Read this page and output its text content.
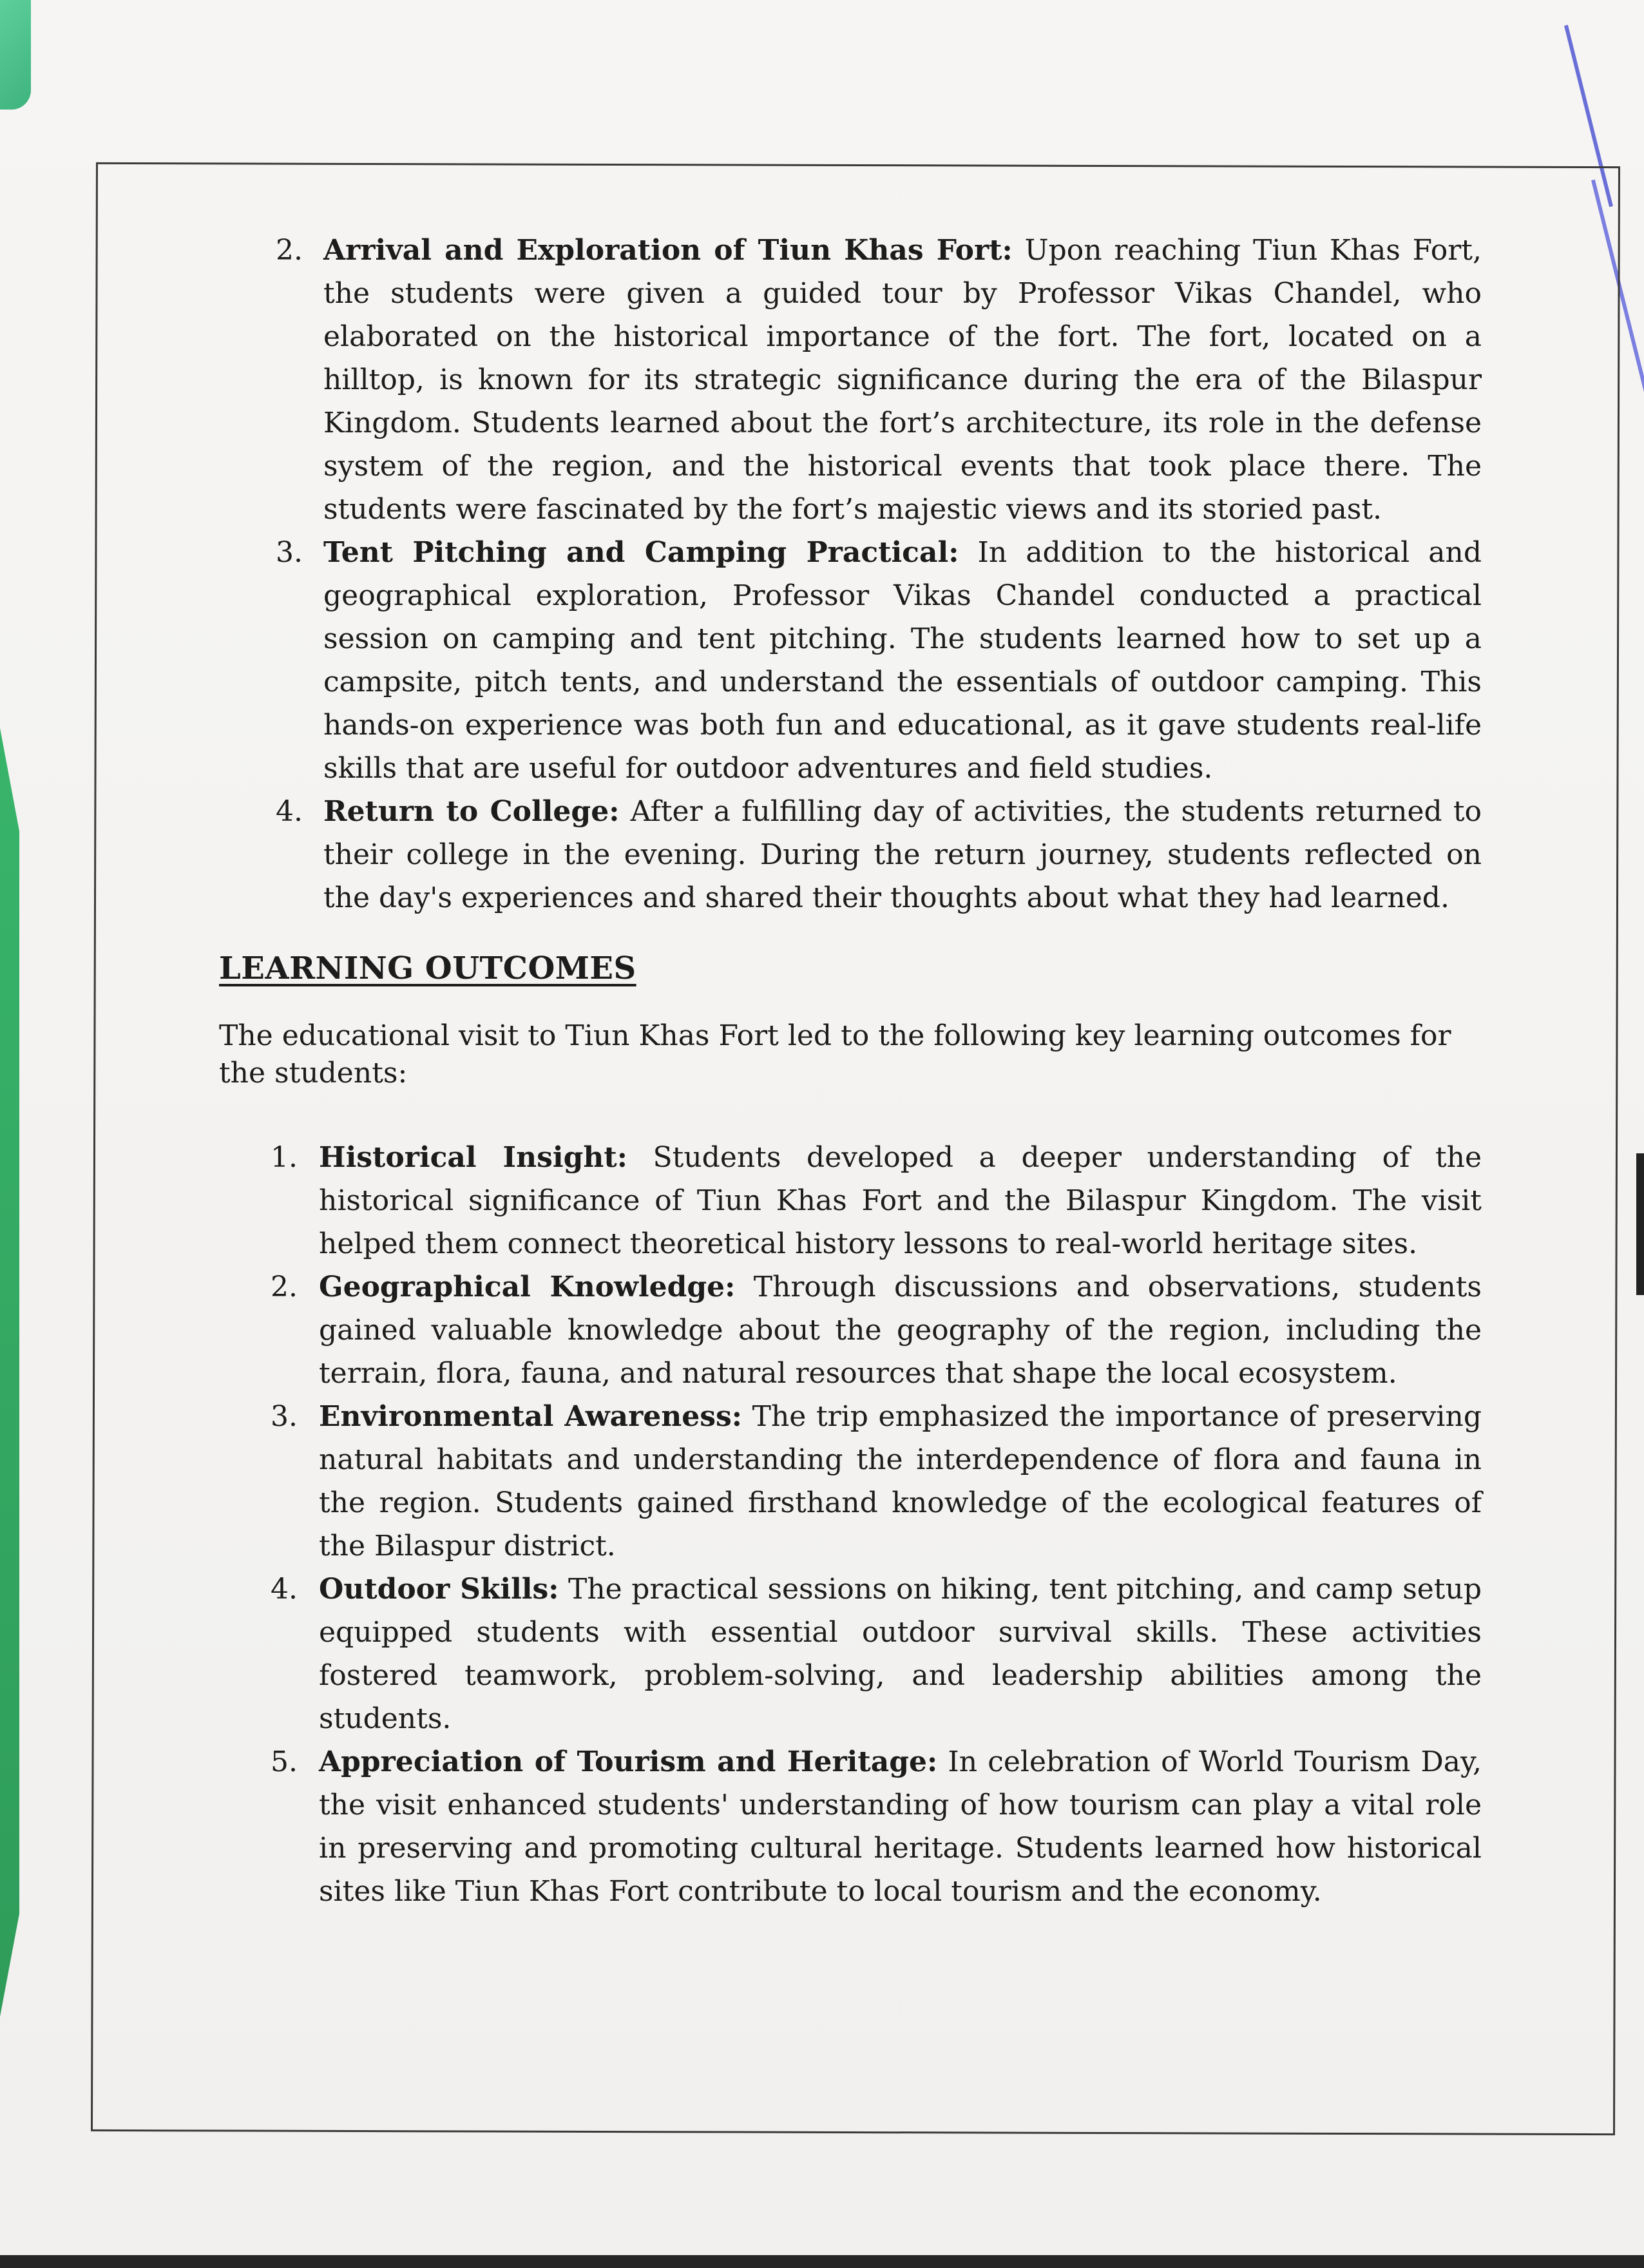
2. Arrival and Exploration of Tiun Khas Fort: Upon reaching Tiun Khas Fort, the students were given a guided tour by Professor Vikas Chandel, who elaborated on the historical importance of the fort. The fort, located on a hilltop, is known for its strategic significance during the era of the Bilaspur Kingdom. Students learned about the fort’s architecture, its role in the defense system of the region, and the historical events that took place there. The students were fascinated by the fort’s majestic views and its storied past.
3. Tent Pitching and Camping Practical: In addition to the historical and geographical exploration, Professor Vikas Chandel conducted a practical session on camping and tent pitching. The students learned how to set up a campsite, pitch tents, and understand the essentials of outdoor camping. This hands-on experience was both fun and educational, as it gave students real-life skills that are useful for outdoor adventures and field studies.
4. Return to College: After a fulfilling day of activities, the students returned to their college in the evening. During the return journey, students reflected on the day's experiences and shared their thoughts about what they had learned.
LEARNING OUTCOMES
The educational visit to Tiun Khas Fort led to the following key learning outcomes for the students:
1. Historical Insight: Students developed a deeper understanding of the historical significance of Tiun Khas Fort and the Bilaspur Kingdom. The visit helped them connect theoretical history lessons to real-world heritage sites.
2. Geographical Knowledge: Through discussions and observations, students gained valuable knowledge about the geography of the region, including the terrain, flora, fauna, and natural resources that shape the local ecosystem.
3. Environmental Awareness: The trip emphasized the importance of preserving natural habitats and understanding the interdependence of flora and fauna in the region. Students gained firsthand knowledge of the ecological features of the Bilaspur district.
4. Outdoor Skills: The practical sessions on hiking, tent pitching, and camp setup equipped students with essential outdoor survival skills. These activities fostered teamwork, problem-solving, and leadership abilities among the students.
5. Appreciation of Tourism and Heritage: In celebration of World Tourism Day, the visit enhanced students' understanding of how tourism can play a vital role in preserving and promoting cultural heritage. Students learned how historical sites like Tiun Khas Fort contribute to local tourism and the economy.
